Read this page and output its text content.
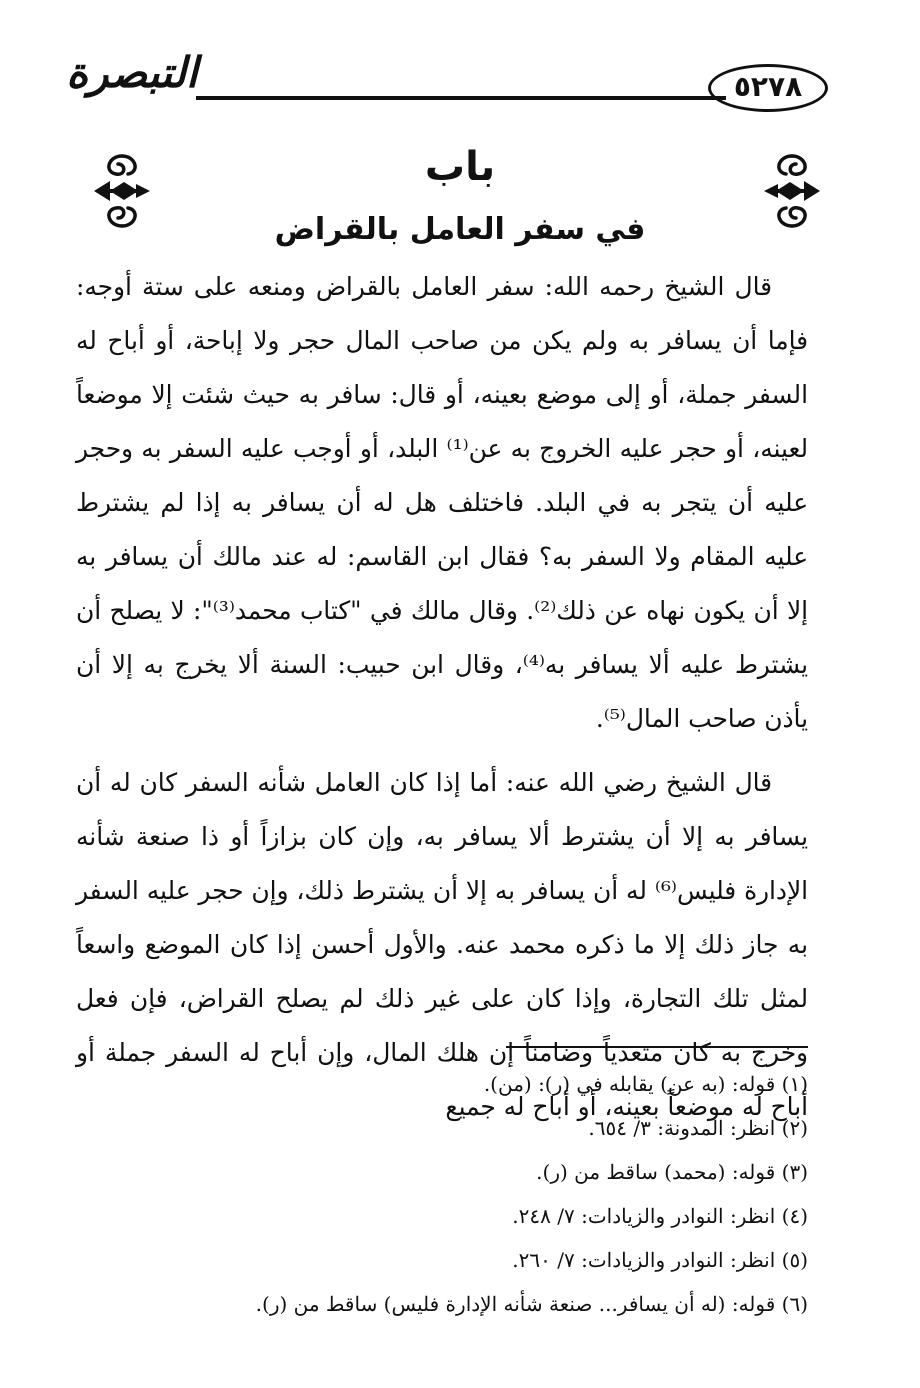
التبصرة	٥٢٧٨
باب
في سفر العامل بالقراض

قال الشيخ رحمه الله: سفر العامل بالقراض ومنعه على ستة أوجه: فإما أن يسافر به ولم يكن من صاحب المال حجر ولا إباحة، أو أباح له السفر جملة، أو إلى موضع بعينه، أو قال: سافر به حيث شئت إلا موضعاً لعينه، أو حجر عليه الخروج به عن⁽¹⁾ البلد، أو أوجب عليه السفر به وحجر عليه أن يتجر به في البلد. فاختلف هل له أن يسافر به إذا لم يشترط عليه المقام ولا السفر به؟ فقال ابن القاسم: له عند مالك أن يسافر به إلا أن يكون نهاه عن ذلك⁽²⁾. وقال مالك في "كتاب محمد⁽³⁾": لا يصلح أن يشترط عليه ألا يسافر به⁽⁴⁾، وقال ابن حبيب: السنة ألا يخرج به إلا أن يأذن صاحب المال⁽⁵⁾.

قال الشيخ رضي الله عنه: أما إذا كان العامل شأنه السفر كان له أن يسافر به إلا أن يشترط ألا يسافر به، وإن كان بزازاً أو ذا صنعة شأنه الإدارة فليس⁽⁶⁾ له أن يسافر به إلا أن يشترط ذلك، وإن حجر عليه السفر به جاز ذلك إلا ما ذكره محمد عنه. والأول أحسن إذا كان الموضع واسعاً لمثل تلك التجارة، وإذا كان على غير ذلك لم يصلح القراض، فإن فعل وخرج به كان متعدياً وضامناً إن هلك المال، وإن أباح له السفر جملة أو أباح له موضعاً بعينه، أو أباح له جميع

(١) قوله: (به عن) يقابله في (ر): (من).
(٢) انظر: المدونة: ٣/ ٦٥٤.
(٣) قوله: (محمد) ساقط من (ر).
(٤) انظر: النوادر والزيادات: ٧/ ٢٤٨.
(٥) انظر: النوادر والزيادات: ٧/ ٢٦٠.
(٦) قوله: (له أن يسافر... صنعة شأنه الإدارة فليس) ساقط من (ر).
